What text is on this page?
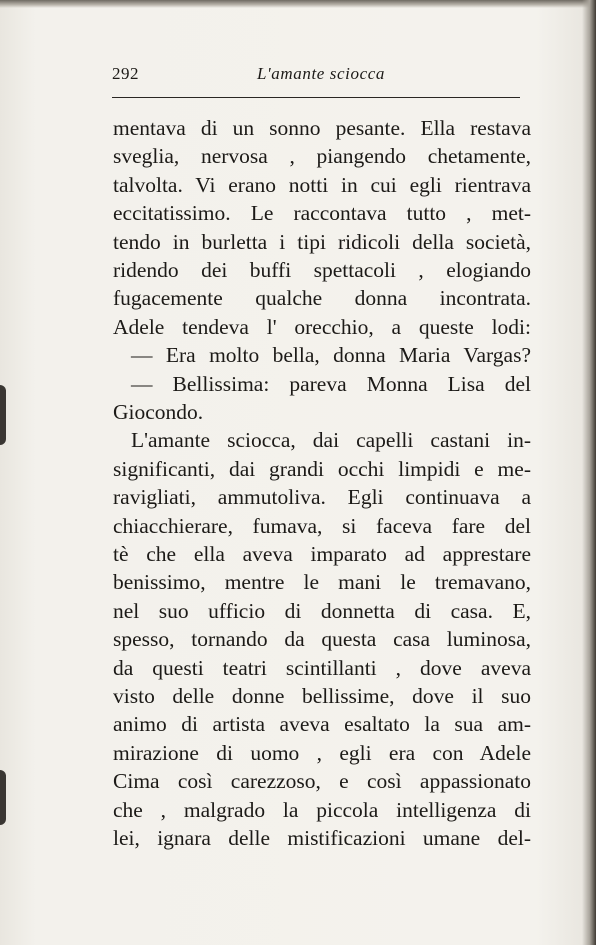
292	L'amante sciocca
mentava di un sonno pesante. Ella restava
sveglia, nervosa , piangendo chetamente,
talvolta. Vi erano notti in cui egli rientrava
eccitatissimo. Le raccontava tutto , met-
tendo in burletta i tipi ridicoli della società,
ridendo dei buffi spettacoli , elogiando
fugacemente qualche donna incontrata.
Adele tendeva l' orecchio, a queste lodi:
— Era molto bella, donna Maria Vargas?
— Bellissima: pareva Monna Lisa del
Giocondo.
L'amante sciocca, dai capelli castani in-
significanti, dai grandi occhi limpidi e me-
ravigliati, ammutoliva. Egli continuava a
chiacchierare, fumava, si faceva fare del
tè che ella aveva imparato ad apprestare
benissimo, mentre le mani le tremavano,
nel suo ufficio di donnetta di casa. E,
spesso, tornando da questa casa luminosa,
da questi teatri scintillanti , dove aveva
visto delle donne bellissime, dove il suo
animo di artista aveva esaltato la sua am-
mirazione di uomo , egli era con Adele
Cima così carezzoso, e così appassionato
che , malgrado la piccola intelligenza di
lei, ignara delle mistificazioni umane del-
